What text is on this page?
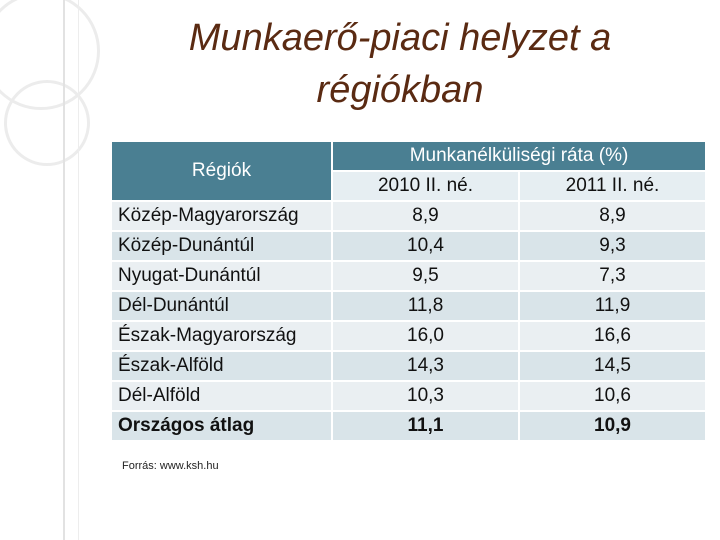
Munkaerő-piaci helyzet a
régiókban
Régiók	Munkanélküliségi ráta (%)	
	2010 II. né.	2011 II. né.
Közép-Magyarország	8,9	8,9
Közép-Dunántúl	10,4	9,3
Nyugat-Dunántúl	9,5	7,3
Dél-Dunántúl	11,8	11,9
Észak-Magyarország	16,0	16,6
Észak-Alföld	14,3	14,5
Dél-Alföld	10,3	10,6
Országos átlag	11,1	10,9
Forrás: www.ksh.hu
